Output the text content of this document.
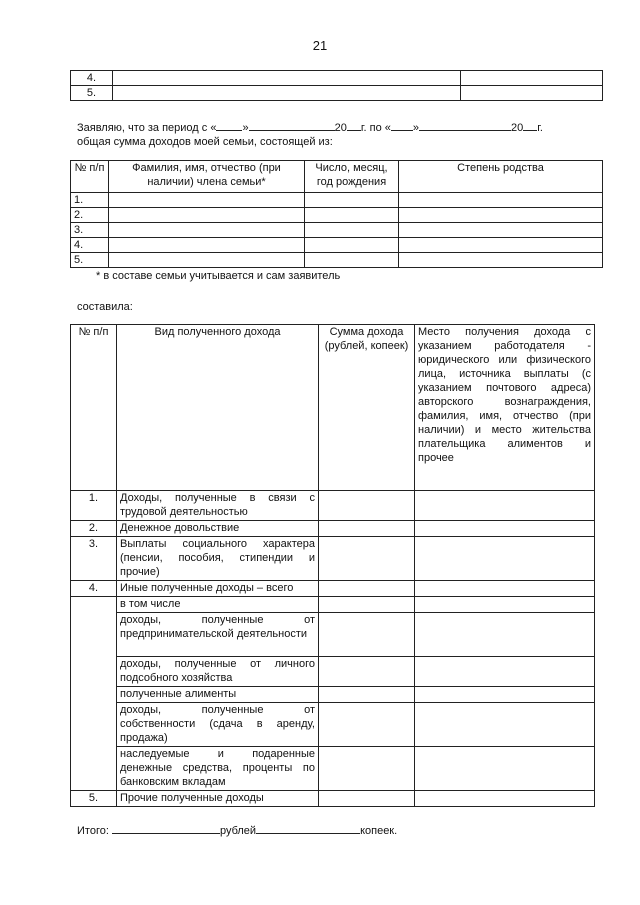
21
4.		
5.		
Заявляю, что за период с « »	20 г. по « »	20 г.
общая сумма доходов моей семьи, состоящей из:
№ п/п	Фамилия, имя, отчество (при наличии) члена семьи*	Число, месяц, год рождения	Степень родства
1.			
2.			
3.			
4.			
5.			
* в составе семьи учитывается и сам заявитель
составила:
№ п/п	Вид полученного дохода	Сумма дохода (рублей, копеек)	Место получения дохода с указанием работодателя - юридического или физического лица, источника выплаты (с указанием почтового адреса) авторского вознаграждения, фамилия, имя, отчество (при наличии) и место жительства плательщика алиментов и прочее
1.	Доходы, полученные в связи с трудовой деятельностью		
2.	Денежное довольствие		
3.	Выплаты социального характера (пенсии, пособия, стипендии и прочие)		
4.	Иные полученные доходы – всего		
	в том числе		
	доходы, полученные от предпринимательской деятельности		
	доходы, полученные от личного подсобного хозяйства		
	полученные алименты		
	доходы, полученные от собственности (сдача в аренду, продажа)		
	наследуемые и подаренные денежные средства, проценты по банковским вкладам		
5.	Прочие полученные доходы		
Итого:	рублей	копеек.
